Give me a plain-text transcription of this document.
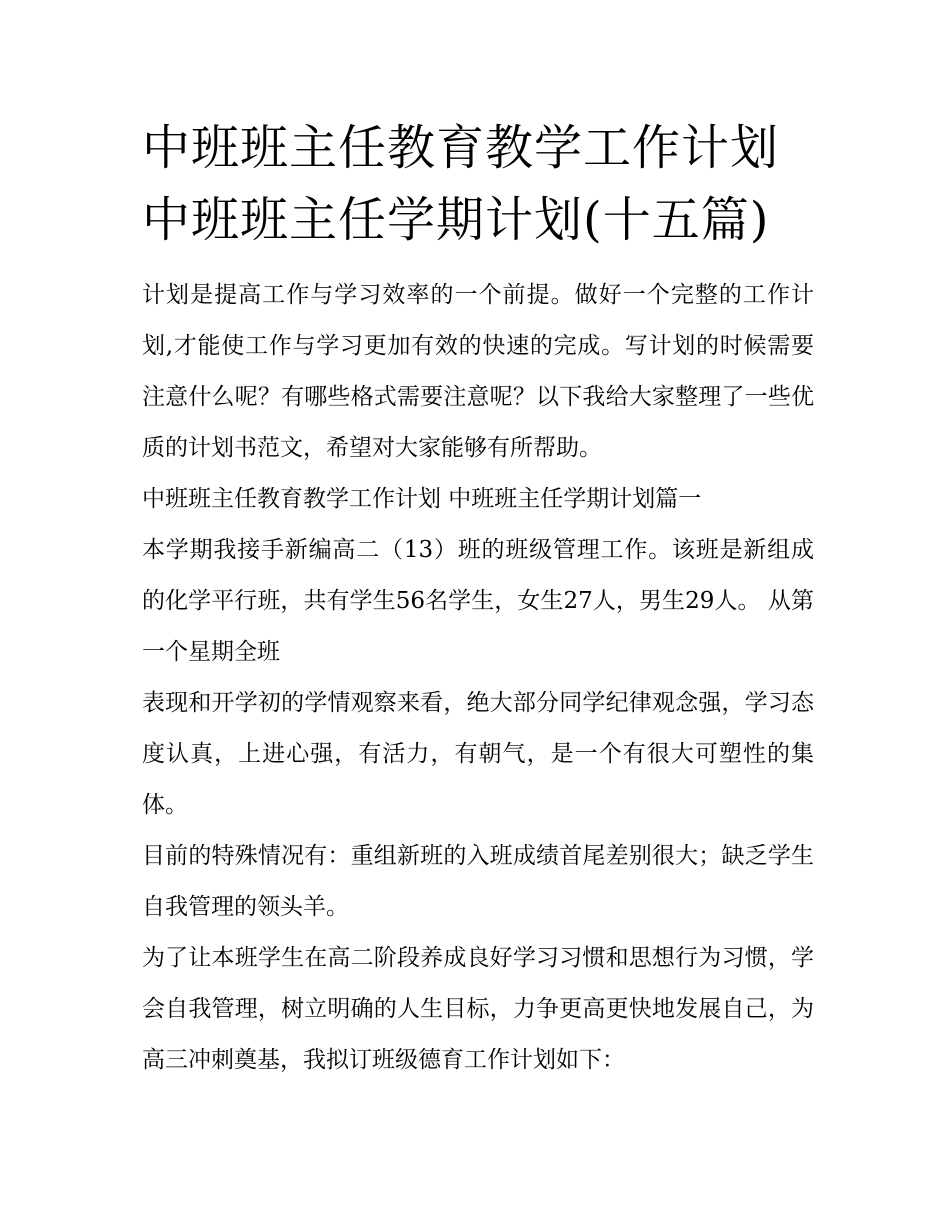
中班班主任教育教学工作计划 中班班主任学期计划(十五篇)

计划是提高工作与学习效率的一个前提。做好一个完整的工作计划,才能使工作与学习更加有效的快速的完成。写计划的时候需要注意什么呢？有哪些格式需要注意呢？以下我给大家整理了一些优质的计划书范文，希望对大家能够有所帮助。

中班班主任教育教学工作计划 中班班主任学期计划篇一

本学期我接手新编高二（13）班的班级管理工作。该班是新组成的化学平行班，共有学生56名学生，女生27人，男生29人。 从第一个星期全班

表现和开学初的学情观察来看，绝大部分同学纪律观念强，学习态度认真，上进心强，有活力，有朝气，是一个有很大可塑性的集体。

目前的特殊情况有：重组新班的入班成绩首尾差别很大；缺乏学生自我管理的领头羊。

为了让本班学生在高二阶段养成良好学习习惯和思想行为习惯，学会自我管理，树立明确的人生目标，力争更高更快地发展自己，为高三冲刺奠基，我拟订班级德育工作计划如下：
